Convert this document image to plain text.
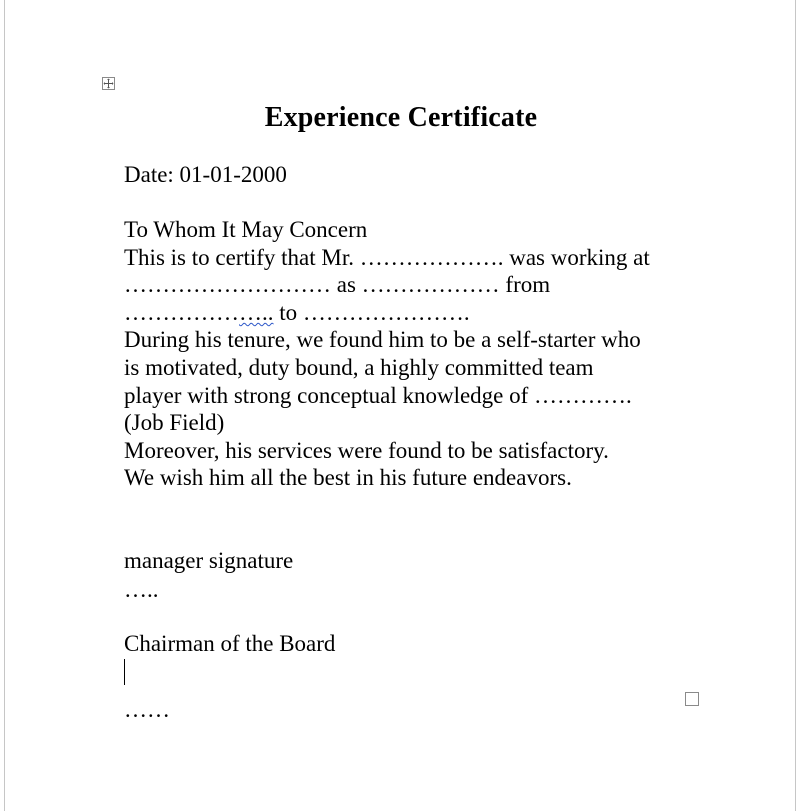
Experience Certificate
Date: 01-01-2000
To Whom It May Concern
This is to certify that Mr. ………………. was working at
……………………… as ……………… from
……………….. to ………………….
During his tenure, we found him to be a self-starter who
is motivated, duty bound, a highly committed team
player with strong conceptual knowledge of ………….
(Job Field)
Moreover, his services were found to be satisfactory.
We wish him all the best in his future endeavors.
manager signature
…..
Chairman of the Board
……
